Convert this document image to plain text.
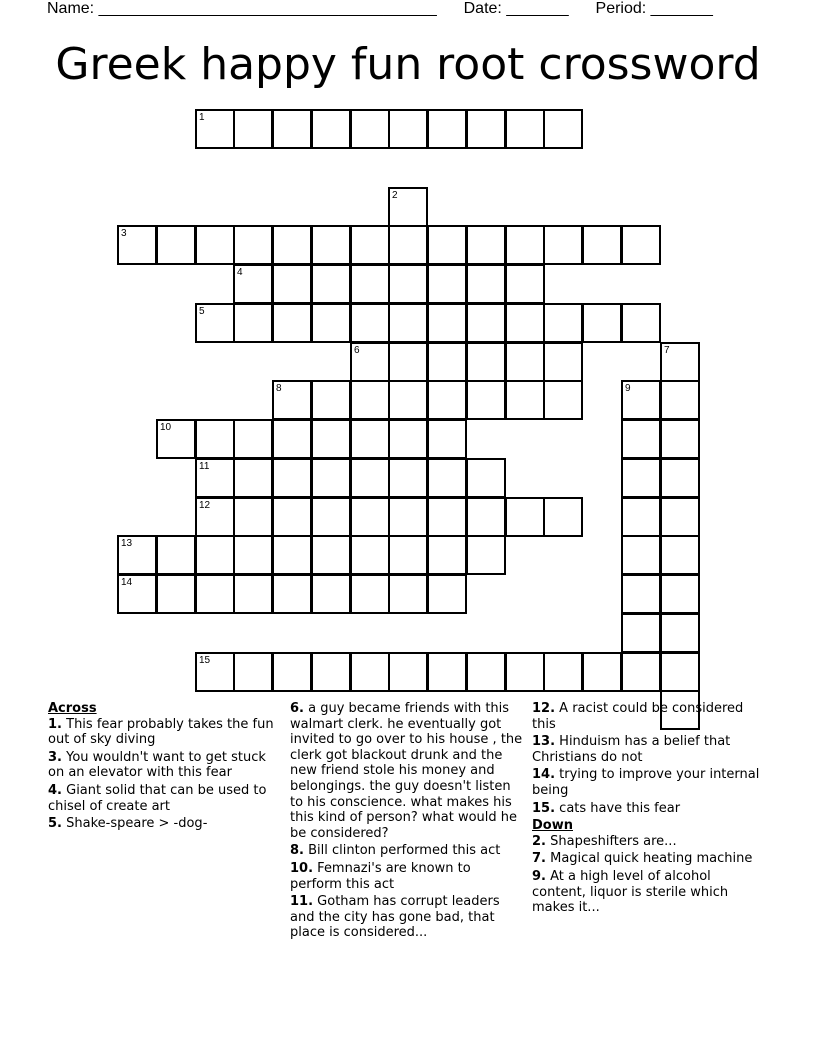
Name: ______________________________________ Date: _______ Period: _______
Greek happy fun root crossword
1
2
3
4
5
6	7
8	9
10
11
12
13
14
15
Across
1. This fear probably takes the fun out of sky diving
3. You wouldn't want to get stuck on an elevator with this fear
4. Giant solid that can be used to chisel of create art
5. Shake-speare > -dog-
6. a guy became friends with this walmart clerk. he eventually got invited to go over to his house , the clerk got blackout drunk and the new friend stole his money and belongings. the guy doesn't listen to his conscience. what makes his this kind of person? what would he be considered?
8. Bill clinton performed this act
10. Femnazi's are known to perform this act
11. Gotham has corrupt leaders and the city has gone bad, that place is considered...
12. A racist could be considered this
13. Hinduism has a belief that Christians do not
14. trying to improve your internal being
15. cats have this fear
Down
2. Shapeshifters are...
7. Magical quick heating machine
9. At a high level of alcohol content, liquor is sterile which makes it...
